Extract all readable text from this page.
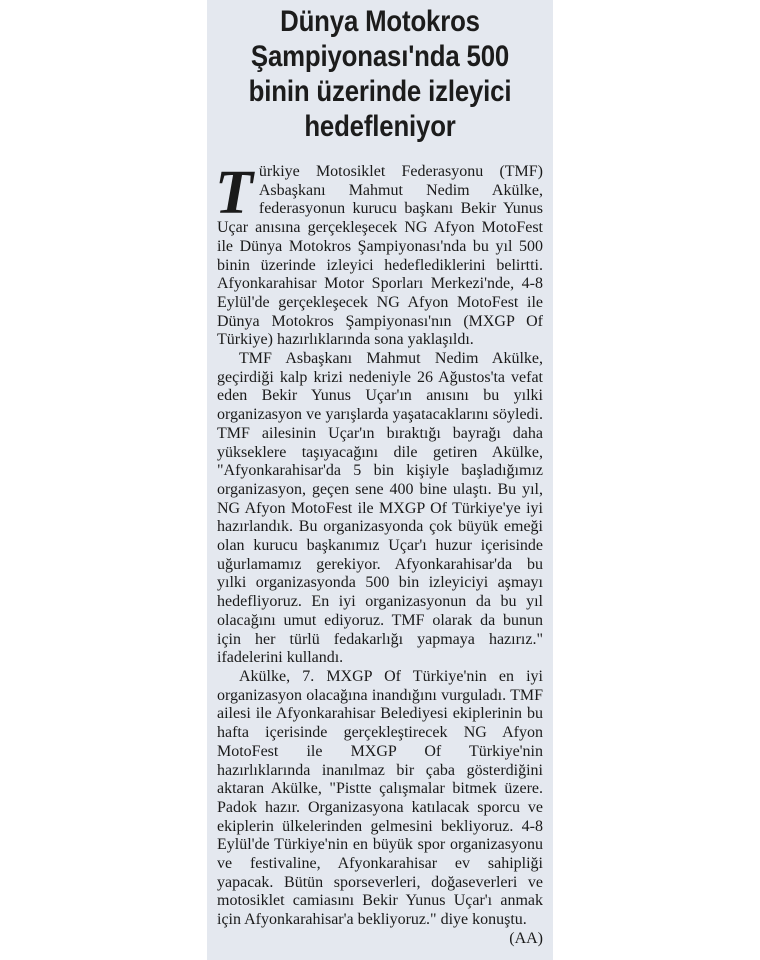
Dünya Motokros Şampiyonası'nda 500 binin üzerinde izleyici hedefleniyor

Türkiye Motosiklet Federasyonu (TMF) Asbaşkanı Mahmut Nedim Akülke, federasyonun kurucu başkanı Bekir Yunus Uçar anısına gerçekleşecek NG Afyon MotoFest ile Dünya Motokros Şampiyonası'nda bu yıl 500 binin üzerinde izleyici hedeflediklerini belirtti. Afyonkarahisar Motor Sporları Merkezi'nde, 4-8 Eylül'de gerçekleşecek NG Afyon MotoFest ile Dünya Motokros Şampiyonası'nın (MXGP Of Türkiye) hazırlıklarında sona yaklaşıldı.

TMF Asbaşkanı Mahmut Nedim Akülke, geçirdiği kalp krizi nedeniyle 26 Ağustos'ta vefat eden Bekir Yunus Uçar'ın anısını bu yılki organizasyon ve yarışlarda yaşatacaklarını söyledi. TMF ailesinin Uçar'ın bıraktığı bayrağı daha yükseklere taşıyacağını dile getiren Akülke, "Afyonkarahisar'da 5 bin kişiyle başladığımız organizasyon, geçen sene 400 bine ulaştı. Bu yıl, NG Afyon MotoFest ile MXGP Of Türkiye'ye iyi hazırlandık. Bu organizasyonda çok büyük emeği olan kurucu başkanımız Uçar'ı huzur içerisinde uğurlamamız gerekiyor. Afyonkarahisar'da bu yılki organizasyonda 500 bin izleyiciyi aşmayı hedefliyoruz. En iyi organizasyonun da bu yıl olacağını umut ediyoruz. TMF olarak da bunun için her türlü fedakarlığı yapmaya hazırız." ifadelerini kullandı.

Akülke, 7. MXGP Of Türkiye'nin en iyi organizasyon olacağına inandığını vurguladı. TMF ailesi ile Afyonkarahisar Belediyesi ekiplerinin bu hafta içerisinde gerçekleştirecek NG Afyon MotoFest ile MXGP Of Türkiye'nin hazırlıklarında inanılmaz bir çaba gösterdiğini aktaran Akülke, "Pistte çalışmalar bitmek üzere. Padok hazır. Organizasyona katılacak sporcu ve ekiplerin ülkelerinden gelmesini bekliyoruz. 4-8 Eylül'de Türkiye'nin en büyük spor organizasyonu ve festivaline, Afyonkarahisar ev sahipliği yapacak. Bütün sporseverleri, doğaseverleri ve motosiklet camiasını Bekir Yunus Uçar'ı anmak için Afyonkarahisar'a bekliyoruz." diye konuştu.
(AA)
